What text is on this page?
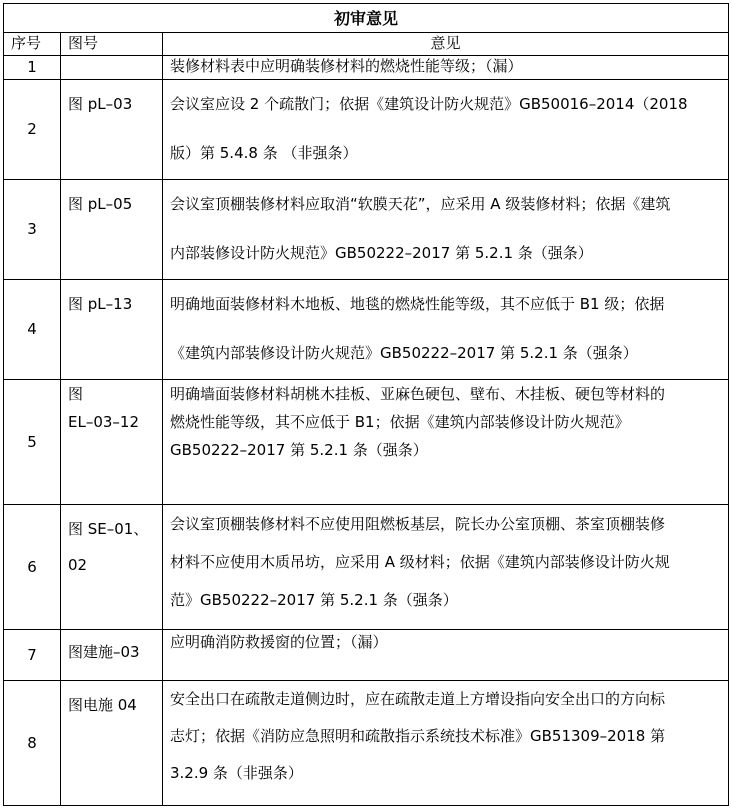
初审意见		
序号	图号	意见
1		装修材料表中应明确装修材料的燃烧性能等级；（漏）
2	图 pL–03	会议室应设 2 个疏散门；依据《建筑设计防火规范》GB50016–2014（2018
版）第 5.4.8 条 （非强条）
3	图 pL–05	会议室顶棚装修材料应取消“软膜天花”，应采用 A 级装修材料；依据《建筑
内部装修设计防火规范》GB50222–2017 第 5.2.1 条（强条）
4	图 pL–13	明确地面装修材料木地板、地毯的燃烧性能等级，其不应低于 B1 级；依据
《建筑内部装修设计防火规范》GB50222–2017 第 5.2.1 条（强条）
5	图
EL–03–12	明确墙面装修材料胡桃木挂板、亚麻色硬包、壁布、木挂板、硬包等材料的
燃烧性能等级，其不应低于 B1；依据《建筑内部装修设计防火规范》
GB50222–2017 第 5.2.1 条（强条）
6	图 SE–01、
02	会议室顶棚装修材料不应使用阻燃板基层，院长办公室顶棚、茶室顶棚装修
材料不应使用木质吊坊，应采用 A 级材料；依据《建筑内部装修设计防火规
范》GB50222–2017 第 5.2.1 条（强条）
7	图建施–03	应明确消防救援窗的位置；（漏）
8	图电施 04	安全出口在疏散走道侧边时，应在疏散走道上方增设指向安全出口的方向标
志灯；依据《消防应急照明和疏散指示系统技术标准》GB51309–2018 第
3.2.9 条（非强条）
